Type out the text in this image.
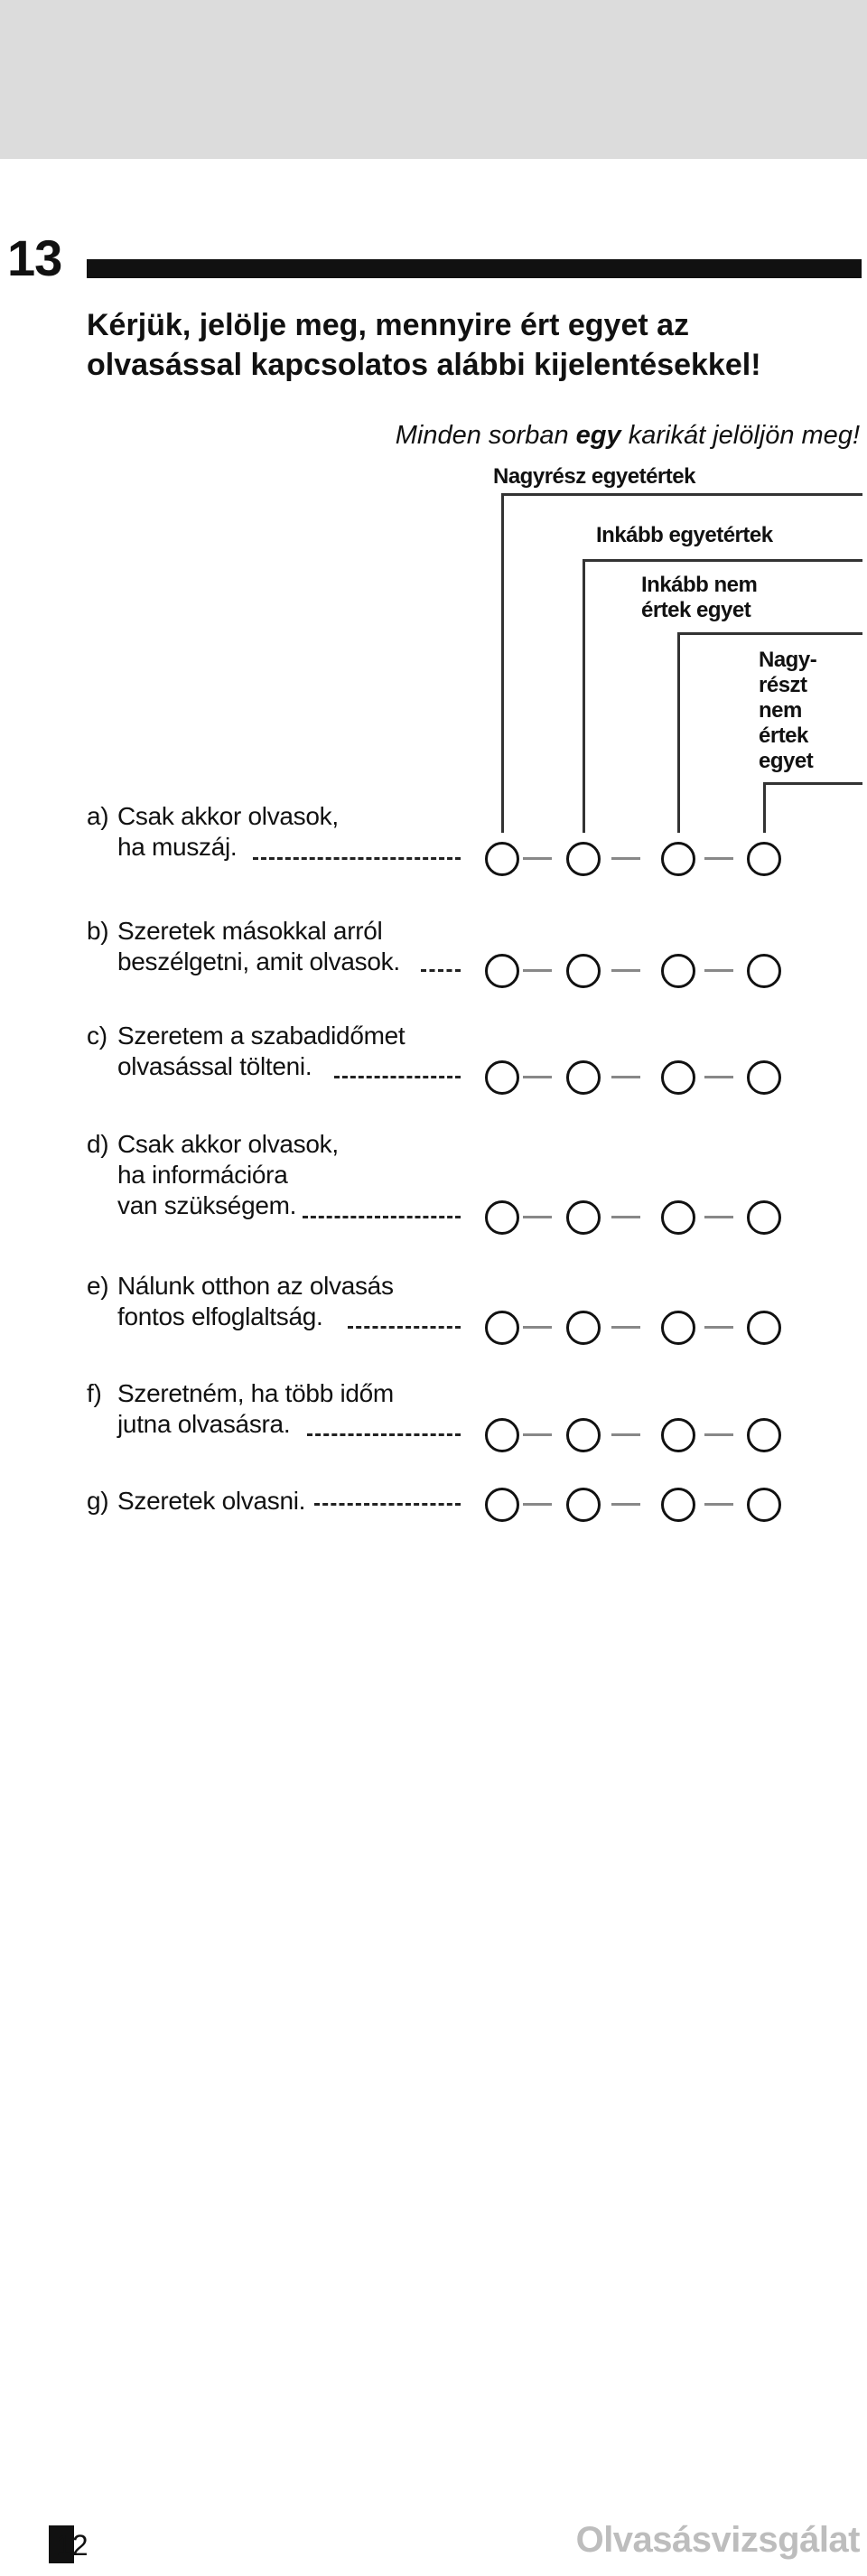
13
Kérjük, jelölje meg, mennyire ért egyet az olvasással kapcsolatos alábbi kijelentésekkel!
Minden sorban egy karikát jelöljön meg!
Nagyrész egyetértek
Inkább egyetértek
Inkább nem
értek egyet
Nagy-
részt
nem
értek
egyet
a) Csak akkor olvasok,
ha muszáj.
b) Szeretek másokkal arról
beszélgetni, amit olvasok.
c) Szeretem a szabadidőmet
olvasással tölteni.
d) Csak akkor olvasok,
ha információra
van szükségem.
e) Nálunk otthon az olvasás
fontos elfoglaltság.
f) Szeretném, ha több időm
jutna olvasásra.
g) Szeretek olvasni.
12	Olvasásvizsgálat
